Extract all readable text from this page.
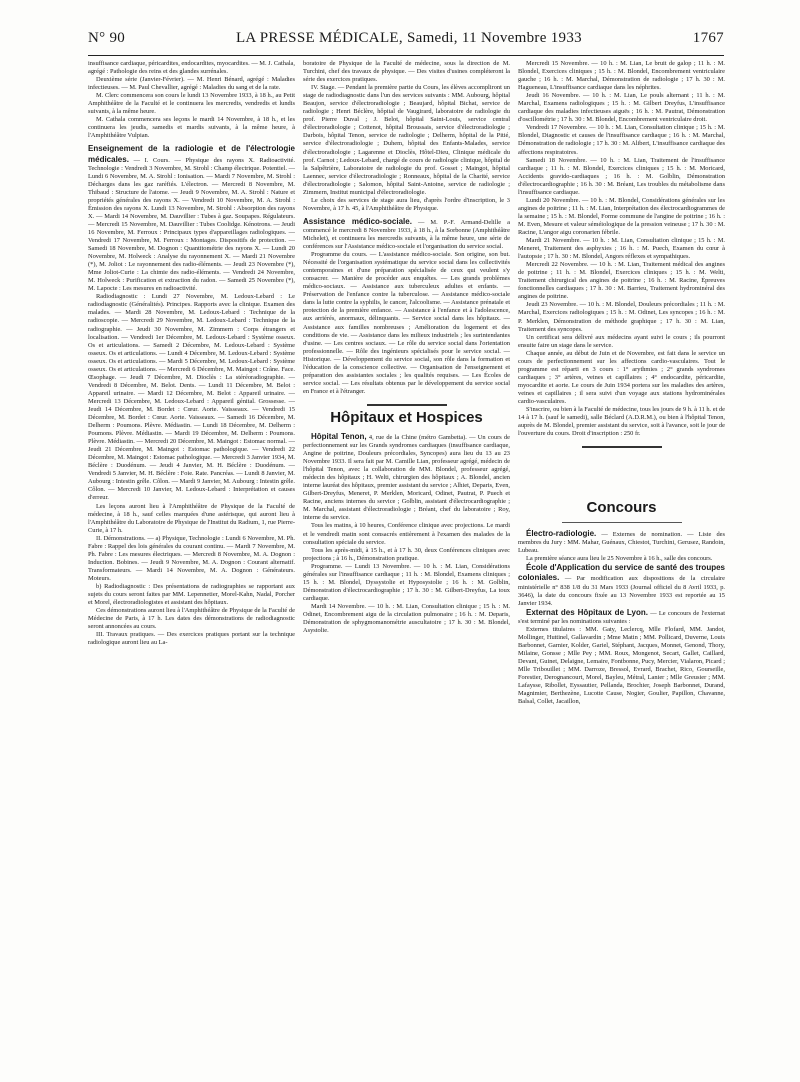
N° 90	LA PRESSE MÉDICALE, Samedi, 11 Novembre 1933	1767

insuffisance cardiaque, péricardites, endocardites, myocardites. — M. J. Cathala, agrégé : Pathologie des reins et des glandes surrénales.

Deuxième série (Janvier-Février). — M. Henri Bénard, agrégé : Maladies infectieuses. — M. Paul Chevallier, agrégé : Maladies du sang et de la rate.

M. Clerc commencera son cours le lundi 13 Novembre 1933, à 18 h., au Petit Amphithéâtre de la Faculté et le continuera les mercredis, vendredis et lundis suivants, à la même heure.

M. Cathala commencera ses leçons le mardi 14 Novembre, à 18 h., et les continuera les jeudis, samedis et mardis suivants, à la même heure, à l'Amphithéâtre Vulpian.

Enseignement de la radiologie et de l'électrologie médicales. — I. Cours. — Physique des rayons X. Radioactivité. Technologie : Vendredi 3 Novembre, M. Strohl : Champ électrique. Potentiel. — Lundi 6 Novembre, M. A. Strohl : Ionisation. — Mardi 7 Novembre, M. Strohl : Décharges dans les gaz raréfiés. L'électron. — Mercredi 8 Novembre, M. Thibaud : Structure de l'atome. — Jeudi 9 Novembre, M. A. Strohl : Nature et propriétés générales des rayons X. — Vendredi 10 Novembre, M. A. Strohl : Émission des rayons X. Lundi 13 Novembre, M. Strohl : Absorption des rayons X. — Mardi 14 Novembre, M. Dauvillier : Tubes à gaz. Soupapes. Régulateurs. — Mercredi 15 Novembre, M. Dauvillier : Tubes Coolidge. Kénotrons. — Jeudi 16 Novembre, M. Ferroux : Principaux types d'appareillages radiologiques. — Vendredi 17 Novembre, M. Ferroux : Montages. Dispositifs de protection. — Samedi 18 Novembre, M. Dognon : Quantitométrie des rayons X. — Lundi 20 Novembre, M. Holweck : Analyse du rayonnement X. — Mardi 21 Novembre (*), M. Joliot : Le rayonnement des radio-éléments. — Jeudi 23 Novembre (*), Mme Joliot-Curie : La chimie des radio-éléments. — Vendredi 24 Novembre, M. Holweck : Purification et extraction du radon. — Samedi 25 Novembre (*), M. Lapocte : Les mesures en radioactivité.

Radiodiagnostic : Lundi 27 Novembre, M. Ledoux-Lebard : Le radiodiagnostic (Généralités). Principes. Rapports avec la clinique. Examen des malades. — Mardi 28 Novembre, M. Ledoux-Lebard : Technique de la radioscopie. — Mercredi 29 Novembre, M. Ledoux-Lebard : Technique de la radiographie. — Jeudi 30 Novembre, M. Zimmern : Corps étrangers et localisation. — Vendredi 1er Décembre, M. Ledoux-Lebard : Système osseux. Os et articulations. — Samedi 2 Décembre, M. Ledoux-Lebard : Système osseux. Os et articulations. — Lundi 4 Décembre, M. Ledoux-Lebard : Système osseux. Os et articulations. — Mardi 5 Décembre, M. Ledoux-Lebard : Système osseux. Os et articulations. — Mercredi 6 Décembre, M. Maingot : Crâne. Face. Œsophage. — Jeudi 7 Décembre, M. Dioclès : La stéréoradiographie. — Vendredi 8 Décembre, M. Belot. Dents. — Lundi 11 Décembre, M. Belot : Appareil urinaire. — Mardi 12 Décembre, M. Belot : Appareil urinaire. — Mercredi 13 Décembre, M. Ledoux-Lebard : Appareil génital. Grossesse. — Jeudi 14 Décembre, M. Bordet : Cœur. Aorte. Vaisseaux. — Vendredi 15 Décembre, M. Bordet : Cœur. Aorte. Vaisseaux. — Samedi 16 Décembre, M. Delherm : Poumons. Plèvre. Médiastin. — Lundi 18 Décembre, M. Delherm : Poumons. Plèvre. Médiastin. — Mardi 19 Décembre, M. Delherm : Poumons. Plèvre. Médiastin. — Mercredi 20 Décembre, M. Maingot : Estomac normal. — Jeudi 21 Décembre, M. Maingot : Estomac pathologique. — Vendredi 22 Décembre, M. Maingot : Estomac pathologique. — Mercredi 3 Janvier 1934, M. Béclère : Duodénum. — Jeudi 4 Janvier, M. H. Béclère : Duodénum. — Vendredi 5 Janvier, M. H. Béclère : Foie. Rate. Pancréas. — Lundi 8 Janvier, M. Aubourg : Intestin grêle. Côlon. — Mardi 9 Janvier, M. Aubourg : Intestin grêle. Côlon. — Mercredi 10 Janvier, M. Ledoux-Lebard : Interprétation et causes d'erreur.

Les leçons auront lieu à l'Amphithéâtre de Physique de la Faculté de médecine, à 18 h., sauf celles marquées d'une astérisque, qui auront lieu à l'Amphithéâtre du Laboratoire de Physique de l'Institut du Radium, 1, rue Pierre-Curie, à 17 h.

II. Démonstrations. — a) Physique, Technologie : Lundi 6 Novembre, M. Ph. Fabre : Rappel des lois générales du courant continu. — Mardi 7 Novembre, M. Ph. Fabre : Les mesures électriques. — Mercredi 8 Novembre, M. A. Dognon : Induction. Bobines. — Jeudi 9 Novembre, M. A. Dognon : Courant alternatif. Transformateurs. — Mardi 14 Novembre, M. A. Dognon : Générateurs. Moteurs.

b) Radiodiagnostic : Des présentations de radiographies se rapportant aux sujets du cours seront faites par MM. Lepennetier, Morel-Kahn, Nadal, Porcher et Morel, électroradiologistes et assistant des hôpitaux.

Ces démonstrations auront lieu à l'Amphithéâtre de Physique de la Faculté de Médecine de Paris, à 17 h. Les dates des démonstrations de radiodiagnostic seront annoncées au cours.

III. Travaux pratiques. — Des exercices pratiques portant sur la technique radiologique auront lieu au La-

boratoire de Physique de la Faculté de médecine, sous la direction de M. Turchini, chef des travaux de physique. — Des visites d'usines compléteront la série des exercices pratiques.

IV. Stage. — Pendant la première partie du Cours, les élèves accompliront un stage de radiodiagnostic dans l'un des services suivants : MM. Aubourg, hôpital Beaujon, service d'électroradiologie ; Beaujard, hôpital Bichat, service de radiologie ; Henri Béclère, hôpital de Vaugirard, laboratoire de radiologie du prof. Pierre Duval ; J. Belot, hôpital Saint-Louis, service central d'électroradiologie ; Cottenot, hôpital Broussais, service d'électroradiologie ; Darbois, hôpital Tenon, service de radiologie ; Delherm, hôpital de la Pitié, service d'électroradiologie ; Duhem, hôpital des Enfants-Malades, service d'électroradiologie ; Lagarenne et Dioclès, Hôtel-Dieu, Clinique médicale du prof. Carnot ; Ledoux-Lebard, chargé de cours de radiologie clinique, hôpital de la Salpêtrière, Laboratoire de radiologie du prof. Gosset ; Maingot, hôpital Laennec, service d'électroradiologie ; Ronneaux, hôpital de la Charité, service d'électroradiologie ; Salomon, hôpital Saint-Antoine, service de radiologie ; Zimmern, Institut municipal d'électroradiologie.

Le choix des services de stage aura lieu, d'après l'ordre d'inscription, le 3 Novembre, à 17 h. 45, à l'Amphithéâtre de Physique.

Assistance médico-sociale. — M. P.-F. Armand-Delille a commencé le mercredi 8 Novembre 1933, à 18 h., à la Sorbonne (Amphithéâtre Michelet), et continuera les mercredis suivants, à la même heure, une série de conférences sur l'Assistance médico-sociale et l'organisation du service social.

Programme du cours. — L'assistance médico-sociale. Son origine, son but. Nécessité de l'organisation systématique du service social dans les collectivités contemporaines et d'une préparation spécialisée de ceux qui veulent s'y consacrer. — Manière de procéder aux enquêtes. — Les grands problèmes médico-sociaux. — Assistance aux tuberculeux adultes et enfants. — Préservation de l'enfance contre la tuberculose. — Assistance médico-sociale dans la lutte contre la syphilis, le cancer, l'alcoolisme. — Assistance prénatale et protection de la première enfance. — Assistance à l'enfance et à l'adolescence, aux arriérés, anormaux, délinquants. — Service social dans les hôpitaux. — Assistance aux familles nombreuses ; Amélioration du logement et des conditions de vie. — Assistance dans les milieux industriels ; les surintendantes d'usine. — Les centres sociaux. — Le rôle du service social dans l'orientation professionnelle. — Rôle des ingénieurs spécialisés pour le service social. — Historique. — Développement du service social, son rôle dans la formation et l'éducation de la conscience collective. — Organisation de l'enseignement et préparation des assistantes sociales ; les qualités requises. — Les Écoles de service social. — Les résultats obtenus par le développement du service social en France et à l'étranger.

Hôpitaux et Hospices

Hôpital Tenon, 4, rue de la Chine (métro Gambetta). — Un cours de perfectionnement sur les Grands syndromes cardiaques (insuffisance cardiaque, Angine de poitrine, Douleurs précordiales, Syncopes) aura lieu du 13 au 23 Novembre 1933. Il sera fait par M. Camille Lian, professeur agrégé, médecin de l'hôpital Tenon, avec la collaboration de MM. Blondel, professeur agrégé, médecin des hôpitaux ; H. Welti, chirurgien des hôpitaux ; A. Blondel, ancien interne lauréat des hôpitaux, premier assistant du service ; Alhiet, Deparis, Even, Gilbert-Dreyfus, Meneret, P. Merklen, Moricard, Odinet, Pautrat, P. Puech et Racine, anciens internes du service ; Golblin, assistant d'électrocardiographie ; M. Marchal, assistant d'électroradiologie ; Bréant, chef du laboratoire ; Roy, interne du service.

Tous les matins, à 10 heures, Conférence clinique avec projections. Le mardi et le vendredi matin sont consacrés entièrement à l'examen des malades de la consultation spéciale du service.

Tous les après-midi, à 15 h., et à 17 h. 30, deux Conférences cliniques avec projections ; à 16 h., Démonstration pratique.

Programme. — Lundi 13 Novembre. — 10 h. : M. Lian, Considérations générales sur l'insuffisance cardiaque ; 11 h. : M. Blondel, Examens cliniques ; 15 h. : M. Blondel, Dyssystolie et Hyposystolie ; 16 h. : M. Golblin, Démonstration d'électrocardiographie ; 17 h. 30 : M. Gilbert-Dreyfus, La toux cardiaque.

Mardi 14 Novembre. — 10 h. : M. Lian, Consultation clinique ; 15 h. : M. Odinet, Encombrement aigu de la circulation pulmonaire ; 16 h. : M. Deparis, Démonstration de sphygmomanométrie auscultatoire ; 17 h. 30 : M. Blondel, Asystolie.

Mercredi 15 Novembre. — 10 h. : M. Lian, Le bruit de galop ; 11 h. : M. Blondel, Exercices cliniques ; 15 h. : M. Blondel, Encombrement ventriculaire gauche ; 16 h. : M. Marchal, Démonstration de radiologie ; 17 h. 30 : M. Hagueneau, L'insuffisance cardiaque dans les néphrites.

Jeudi 16 Novembre. — 10 h. : M. Lian, Le pouls alternant ; 11 h. : M. Marchal, Examens radiologiques ; 15 h. : M. Gilbert Dreyfus, L'insuffisance cardiaque des maladies infectieuses aiguës ; 16 h. : M. Pautrat, Démonstration d'oscillométrie ; 17 h. 30 : M. Blondel, Encombrement ventriculaire droit.

Vendredi 17 Novembre. — 10 h. : M. Lian, Consultation clinique ; 15 h. : M. Blondel, Diagnostic et causes de l'insuffisance cardiaque ; 16 h. : M. Marchal, Démonstration de radiologie ; 17 h. 30 : M. Alibert, L'insuffisance cardiaque des affections respiratoires.

Samedi 18 Novembre. — 10 h. : M. Lian, Traitement de l'insuffisance cardiaque ; 11 h. : M. Blondel, Exercices cliniques ; 15 h. : M. Moricard, Accidents gravido-cardiaques ; 16 h. : M. Golblin, Démonstration d'électrocardiographie ; 16 h. 30 : M. Bréant, Les troubles du métabolisme dans l'insuffisance cardiaque.

Lundi 20 Novembre. — 10 h. : M. Blondel, Considérations générales sur les angines de poitrine ; 11 h. : M. Lian, Interprétation des électrocardiogrammes de la semaine ; 15 h. : M. Blondel, Forme commune de l'angine de poitrine ; 16 h. : M. Even, Mesure et valeur séméiologique de la pression veineuse ; 17 h. 30 : M. Racine, L'angor aigu coronarien fébrile.

Mardi 21 Novembre. — 10 h. : M. Lian, Consultation clinique ; 15 h. : M. Meneret, Traitement des asphyxies ; 16 h. : M. Puech, Examen du cœur à l'autopsie ; 17 h. 30 : M. Blondel, Angors réflexes et sympathiques.

Mercredi 22 Novembre. — 10 h. : M. Lian, Traitement médical des angines de poitrine ; 11 h. : M. Blondel, Exercices cliniques ; 15 h. : M. Welti, Traitement chirurgical des angines de poitrine ; 16 h. : M. Racine, Épreuves fonctionnelles cardiaques ; 17 h. 30 : M. Barrieu, Traitement hydrominéral des angines de poitrine.

Jeudi 23 Novembre. — 10 h. : M. Blondel, Douleurs précordiales ; 11 h. : M. Marchal, Exercices radiologiques ; 15 h. : M. Odinet, Les syncopes ; 16 h. : M. P. Merklen, Démonstration de méthode graphique ; 17 h. 30 : M. Lian, Traitement des syncopes.

Un certificat sera délivré aux médecins ayant suivi le cours ; ils pourront ensuite faire un stage dans le service.

Chaque année, au début de Juin et de Novembre, est fait dans le service un cours de perfectionnement sur les affections cardio-vasculaires. Tout le programme est réparti en 3 cours : 1° arythmies ; 2° grands syndromes cardiaques ; 3° artères, veines et capillaires ; 4° endocardite, péricardite, myocardite et aorte. Le cours de Juin 1934 portera sur les maladies des artères, veines et capillaires ; il sera suivi d'un voyage aux stations hydrominérales cardio-vasculaires.

S'inscrire, ou bien à la Faculté de médecine, tous les jours de 9 h. à 11 h. et de 14 à 17 h. (sauf le samedi), salle Béclard (A.D.R.M.), ou bien à l'hôpital Tenon, auprès de M. Blondel, premier assistant du service, soit à l'avance, soit le jour de l'ouverture du cours. Droit d'inscription : 250 fr.

Concours

Électro-radiologie. — Externes de nomination. — Liste des membres du Jury : MM. Mahar, Guénaux, Chiestot, Turchini, Gerusez, Randoin, Lubeau.

La première séance aura lieu le 25 Novembre à 16 h., salle des concours.

École d'Application du service de santé des troupes coloniales. — Par modification aux dispositions de la circulaire ministérielle n° 838 1/8 du 31 Mars 1933 (Journal officiel du 8 Avril 1933, p. 3646), la date du concours fixée au 13 Novembre 1933 est reportée au 15 Janvier 1934.

Externat des Hôpitaux de Lyon. — Le concours de l'externat s'est terminé par les nominations suivantes :

Externes titulaires : MM. Gaty, Leclercq, Mlle Flofard, MM. Jandot, Mollinger, Huttinel, Gallavardin ; Mme Matin ; MM. Pollicard, Duverne, Louis Barbonnet, Garnier, Kolder, Gariel, Stéphant, Jacques, Monnet, Genond, Thory, Milaine, Gonsse ; Mlle Pey ; MM. Roux, Mongenot, Secart, Gallet, Caillard, Devant, Guinet, Delaigne, Lemaire, Fontbonne, Pucy, Mercier, Vialaron, Picard ; Mlle Tribouillet ; MM. Darroze, Bressol, Evrard, Brachet, Rico, Gourseille, Forestier, Derognancourt, Morel, Bayleu, Métral, Lanier ; Mlle Greusier ; MM. Lafaysse, Ribollet, Eyssautier, Pellanda, Brochier, Joseph Barbonnet, Durand, Magnimier, Berthezène, Lucotte Cause, Nogier, Goulier, Papillon, Chavanne, Balsal, Collet, Jacaillon,
